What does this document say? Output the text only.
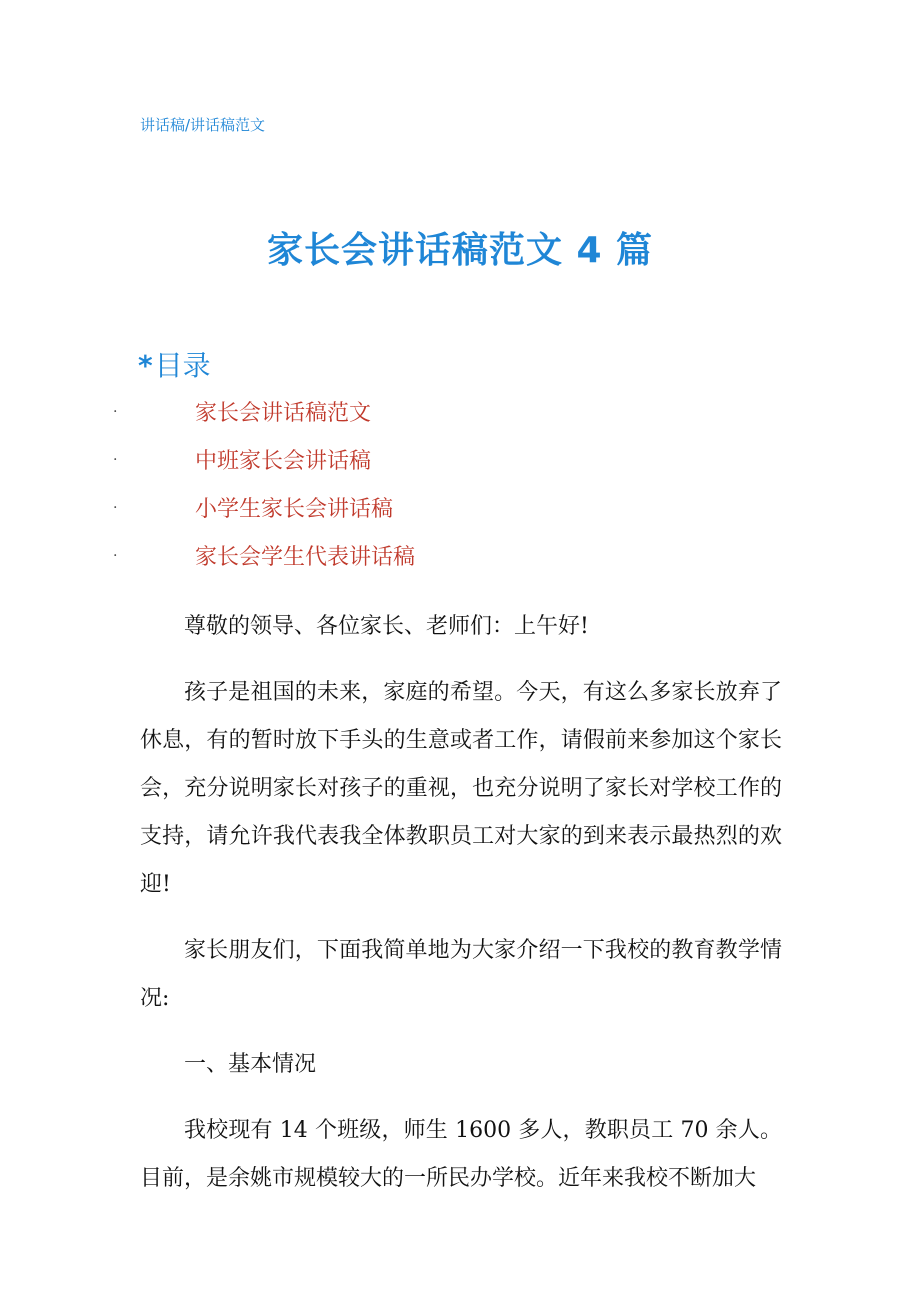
讲话稿/讲话稿范文
家长会讲话稿范文 4 篇
*目录
.	家长会讲话稿范文
.	中班家长会讲话稿
.	小学生家长会讲话稿
.	家长会学生代表讲话稿

尊敬的领导、各位家长、老师们：上午好!

孩子是祖国的未来，家庭的希望。今天，有这么多家长放弃了休息，有的暂时放下手头的生意或者工作，请假前来参加这个家长会，充分说明家长对孩子的重视，也充分说明了家长对学校工作的支持，请允许我代表我全体教职员工对大家的到来表示最热烈的欢迎!

家长朋友们，下面我简单地为大家介绍一下我校的教育教学情况:

一、基本情况

我校现有 14 个班级，师生 1600 多人，教职员工 70 余人。目前，是余姚市规模较大的一所民办学校。近年来我校不断加大
